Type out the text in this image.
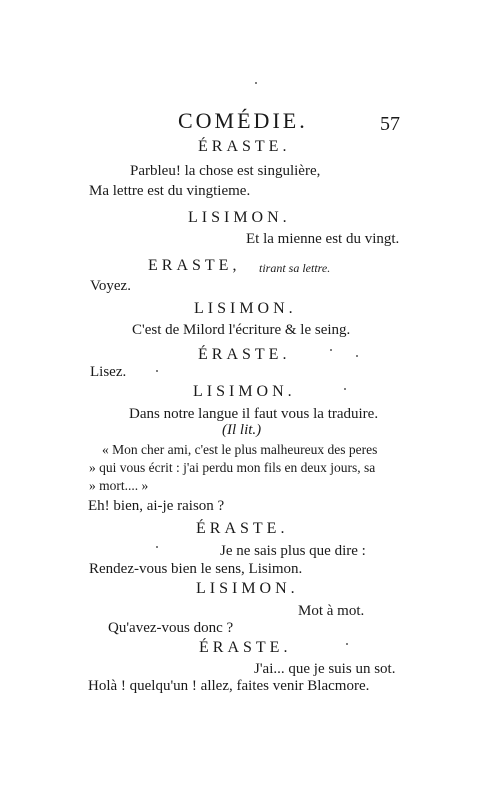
COMÉDIE.	57
ÉRASTE.
Parbleu! la chose est singulière,
Ma lettre est du vingtieme.
LISIMON.
Et la mienne est du vingt.
ERASTE, tirant sa lettre.
Voyez.
LISIMON.
C'est de Milord l'écriture & le seing.
ÉRASTE.
Lisez.
LISIMON.
Dans notre langue il faut vous la traduire.
(Il lit.)
« Mon cher ami, c'est le plus malheureux des peres
» qui vous écrit : j'ai perdu mon fils en deux jours, sa
» mort.... »
Eh! bien, ai-je raison ?
ÉRASTE.
Je ne sais plus que dire :
Rendez-vous bien le sens, Lisimon.
LISIMON.
Mot à mot.
Qu'avez-vous donc ?
ÉRASTE.
J'ai... que je suis un sot.
Holà ! quelqu'un ! allez, faites venir Blacmore.
